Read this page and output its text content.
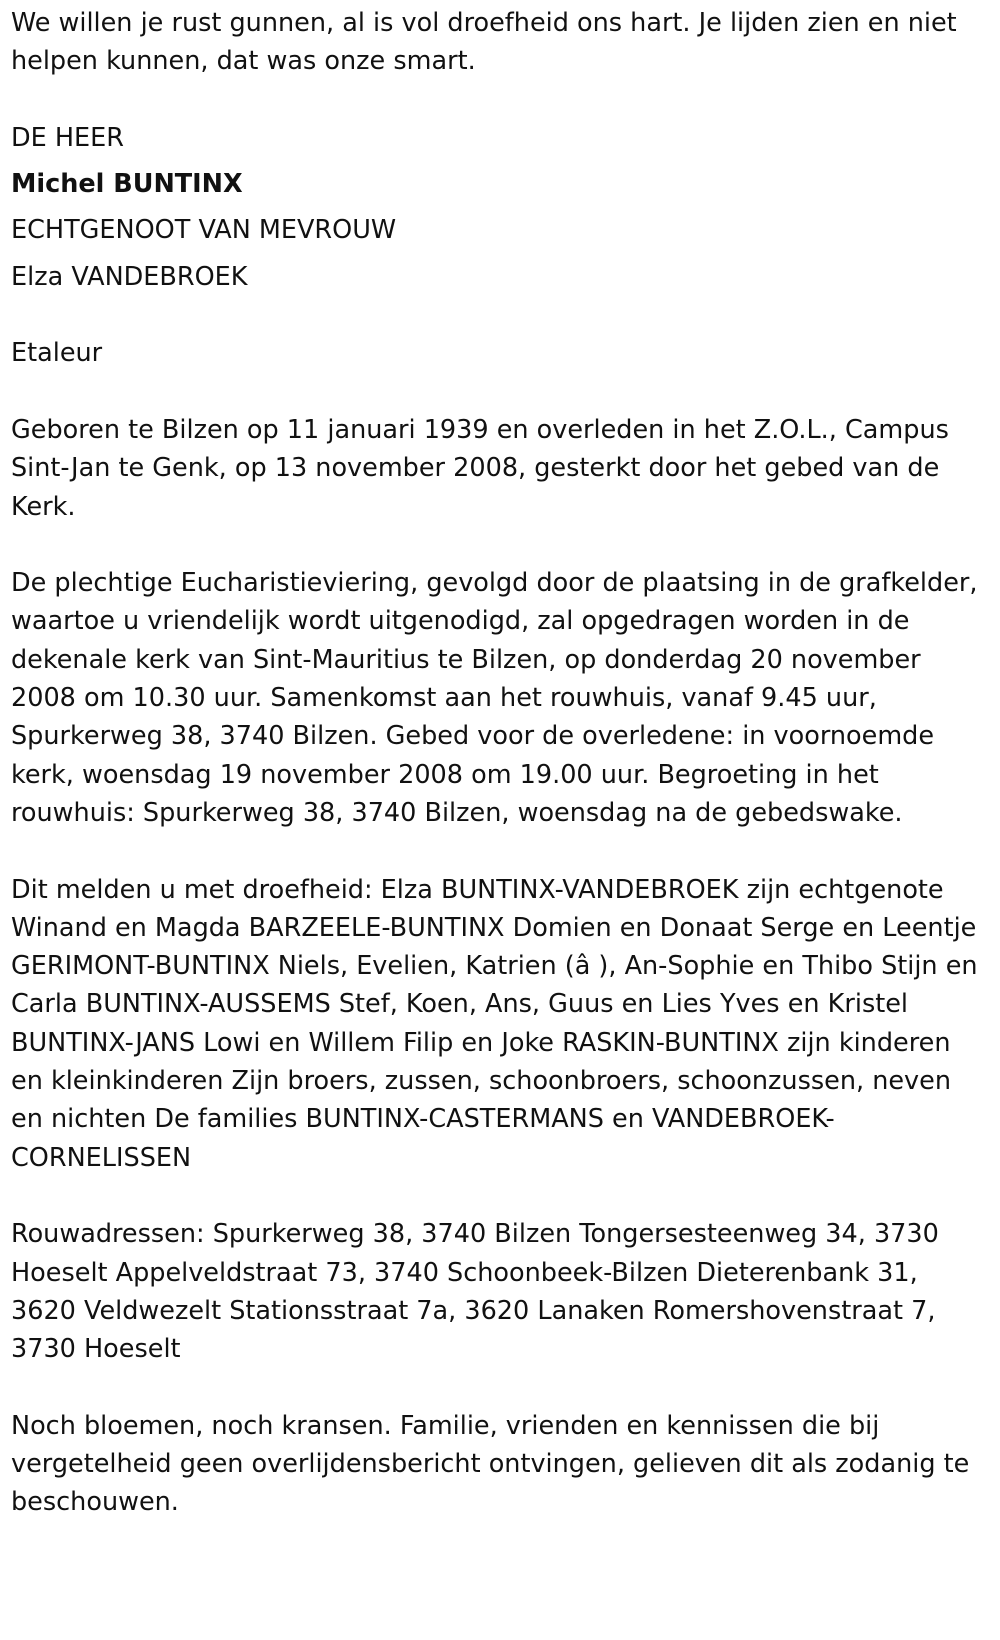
We willen je rust gunnen, al is vol droefheid ons hart. Je lijden zien en niet helpen kunnen, dat was onze smart.

DE HEER
Michel BUNTINX
ECHTGENOOT VAN MEVROUW
Elza VANDEBROEK

Etaleur

Geboren te Bilzen op 11 januari 1939 en overleden in het Z.O.L., Campus Sint-Jan te Genk, op 13 november 2008, gesterkt door het gebed van de Kerk.

De plechtige Eucharistieviering, gevolgd door de plaatsing in de grafkelder, waartoe u vriendelijk wordt uitgenodigd, zal opgedragen worden in de dekenale kerk van Sint-Mauritius te Bilzen, op donderdag 20 november 2008 om 10.30 uur. Samenkomst aan het rouwhuis, vanaf 9.45 uur, Spurkerweg 38, 3740 Bilzen. Gebed voor de overledene: in voornoemde kerk, woensdag 19 november 2008 om 19.00 uur. Begroeting in het rouwhuis: Spurkerweg 38, 3740 Bilzen, woensdag na de gebedswake.

Dit melden u met droefheid: Elza BUNTINX-VANDEBROEK zijn echtgenote Winand en Magda BARZEELE-BUNTINX Domien en Donaat Serge en Leentje GERIMONT-BUNTINX Niels, Evelien, Katrien (â ), An-Sophie en Thibo Stijn en Carla BUNTINX-AUSSEMS Stef, Koen, Ans, Guus en Lies Yves en Kristel BUNTINX-JANS Lowi en Willem Filip en Joke RASKIN-BUNTINX zijn kinderen en kleinkinderen Zijn broers, zussen, schoonbroers, schoonzussen, neven en nichten De families BUNTINX-CASTERMANS en VANDEBROEK-CORNELISSEN

Rouwadressen: Spurkerweg 38, 3740 Bilzen Tongersesteenweg 34, 3730 Hoeselt Appelveldstraat 73, 3740 Schoonbeek-Bilzen Dieterenbank 31, 3620 Veldwezelt Stationsstraat 7a, 3620 Lanaken Romershovenstraat 7, 3730 Hoeselt

Noch bloemen, noch kransen. Familie, vrienden en kennissen die bij vergetelheid geen overlijdensbericht ontvingen, gelieven dit als zodanig te beschouwen.
